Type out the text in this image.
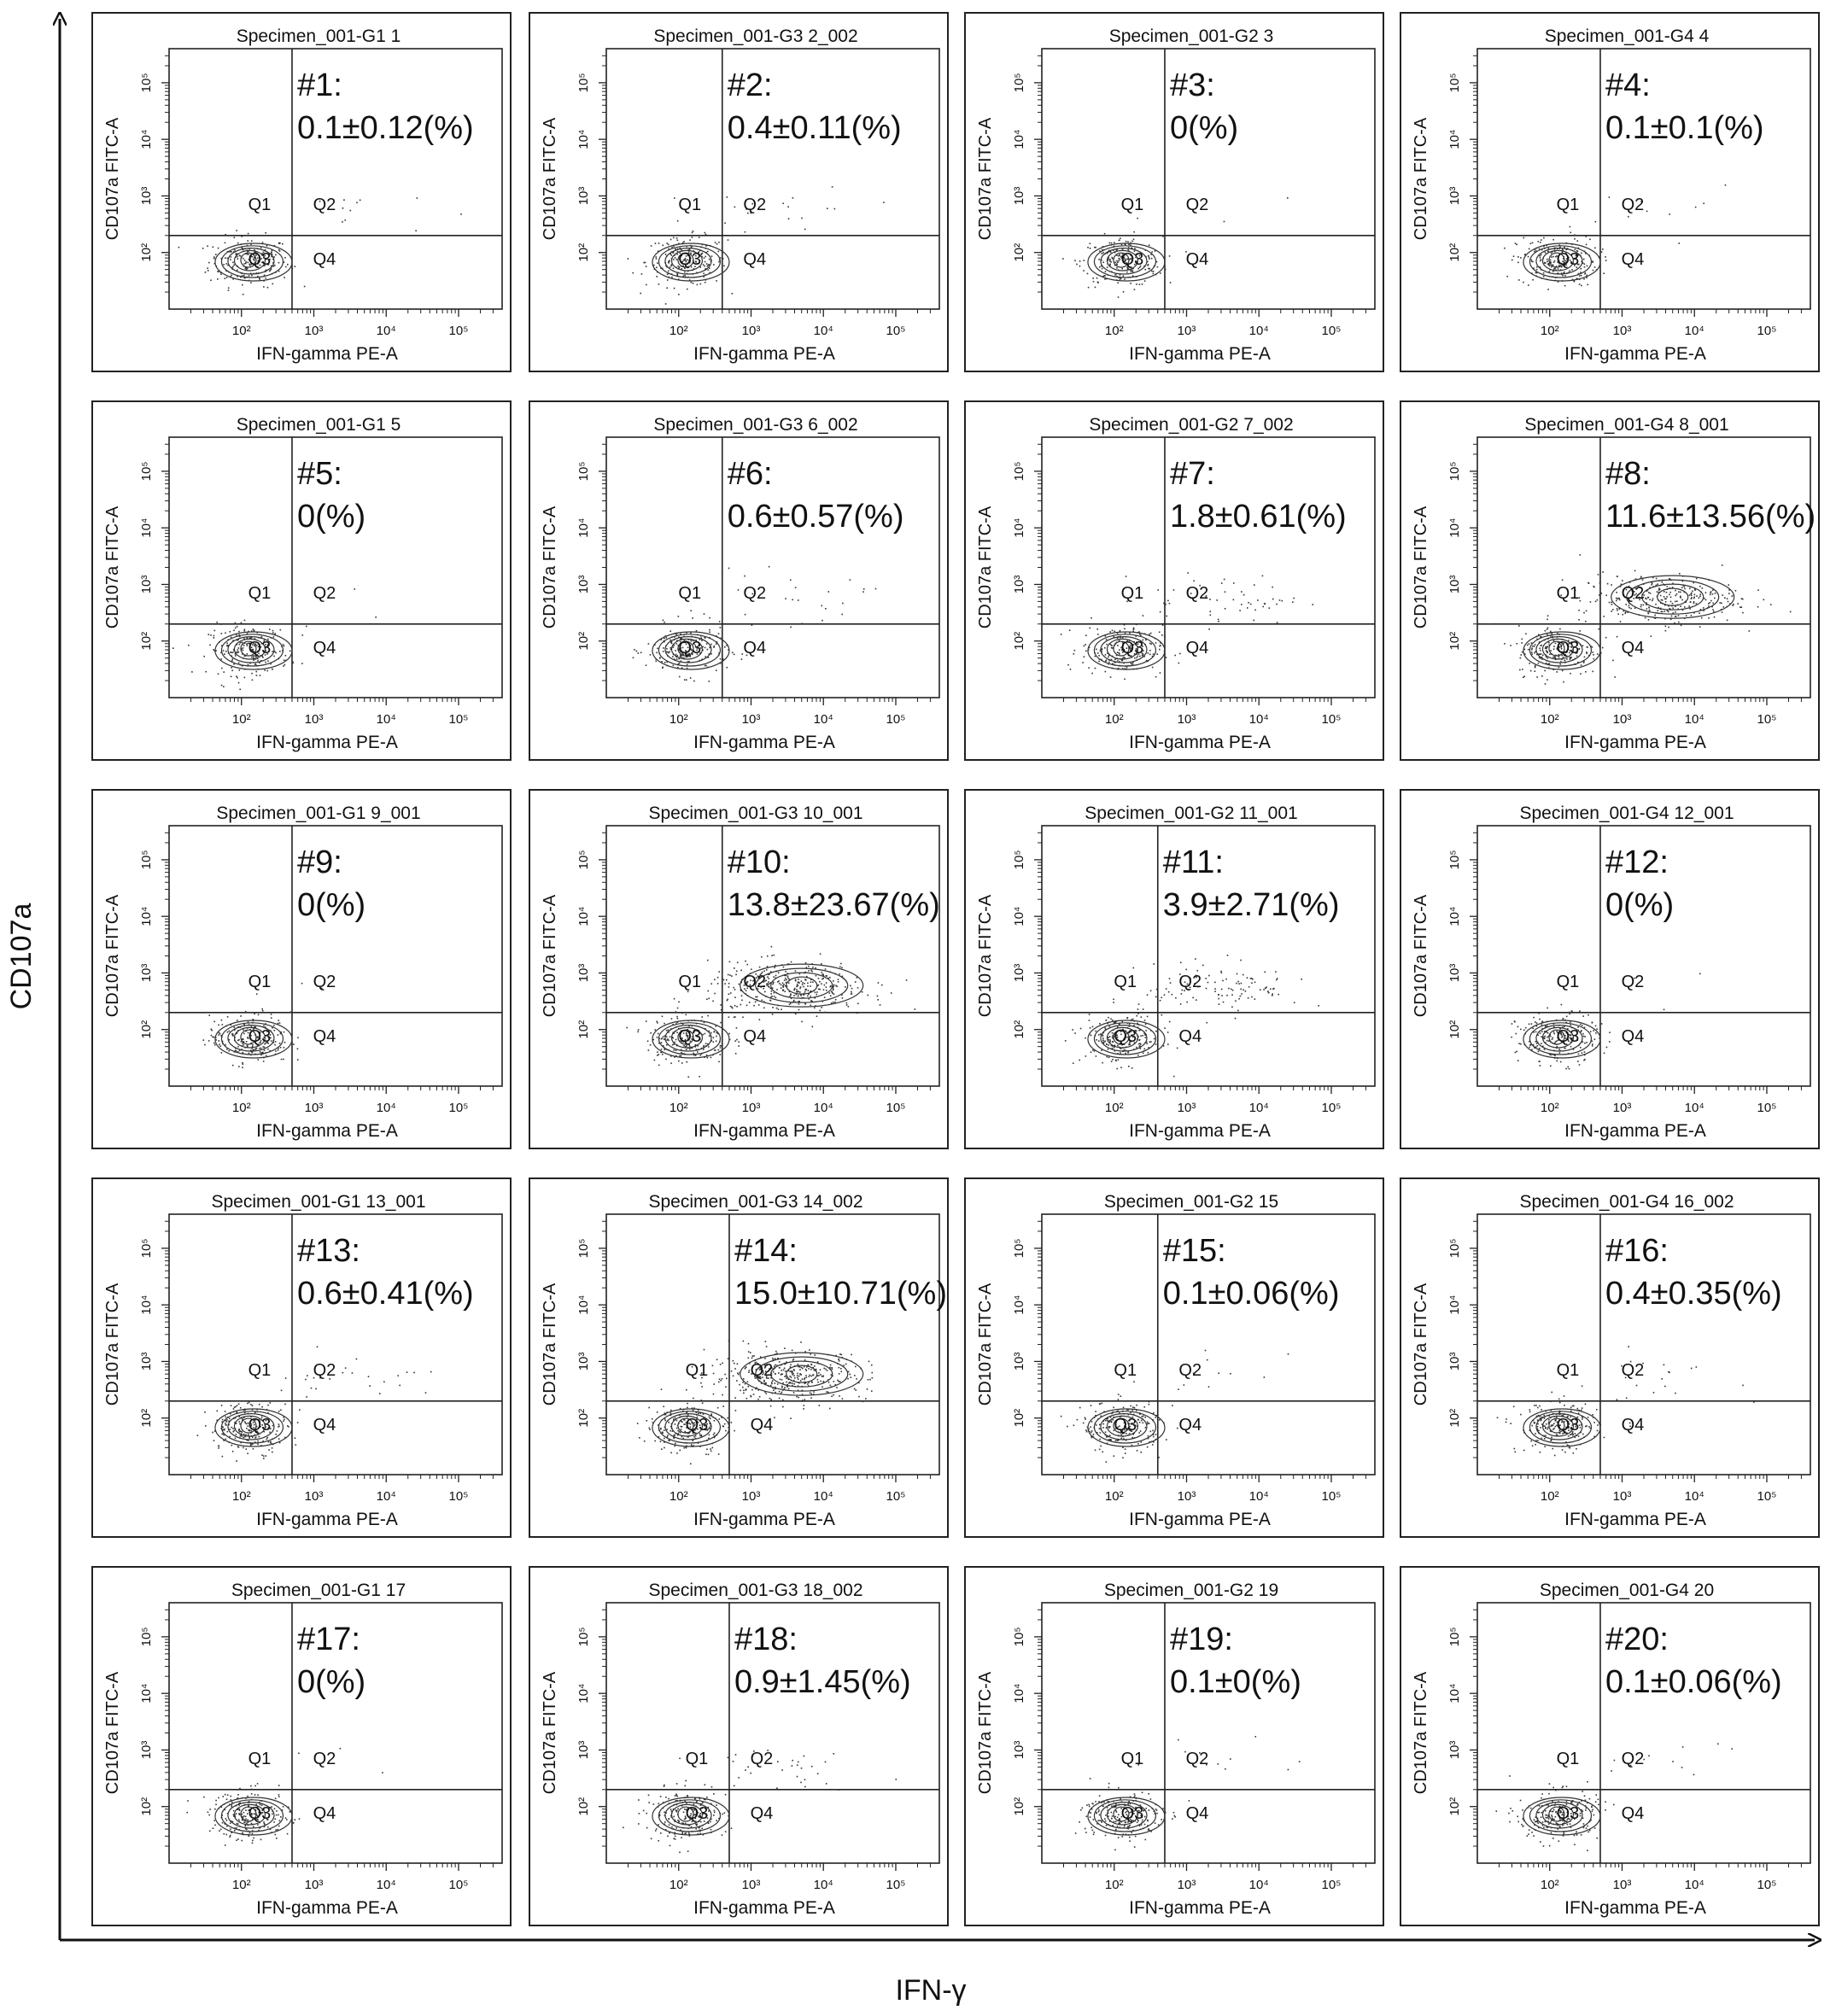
CD107a
IFN-γ
Specimen_001-G1 1
10²
10²
10³
10³
10⁴
10⁴
10⁵
10⁵
IFN-gamma PE-A
CD107a FITC-A	Q1 Q2
Q3 Q4
#1:
0.1±0.12(%)
Specimen_001-G3 2_002
10²
10²
10³
10³
10⁴
10⁴
10⁵
10⁵
IFN-gamma PE-A
CD107a FITC-A	Q1 Q2
Q3 Q4
#2:
0.4±0.11(%)
Specimen_001-G2 3
10²
10²
10³
10³
10⁴
10⁴
10⁵
10⁵
IFN-gamma PE-A
CD107a FITC-A	Q1 Q2
Q3 Q4
#3:
0(%)
Specimen_001-G4 4
10²
10²
10³
10³
10⁴
10⁴
10⁵
10⁵
IFN-gamma PE-A
CD107a FITC-A	Q1 Q2
Q3 Q4
#4:
0.1±0.1(%)
Specimen_001-G1 5
10²
10²
10³
10³
10⁴
10⁴
10⁵
10⁵
IFN-gamma PE-A
CD107a FITC-A	Q1 Q2
Q3 Q4
#5:
0(%)
Specimen_001-G3 6_002
10²
10²
10³
10³
10⁴
10⁴
10⁵
10⁵
IFN-gamma PE-A
CD107a FITC-A	Q1 Q2
Q3 Q4
#6:
0.6±0.57(%)
Specimen_001-G2 7_002
10²
10²
10³
10³
10⁴
10⁴
10⁵
10⁵
IFN-gamma PE-A
CD107a FITC-A	Q1 Q2
Q3 Q4
#7:
1.8±0.61(%)
Specimen_001-G4 8_001
10²
10²
10³
10³
10⁴
10⁴
10⁵
10⁵
IFN-gamma PE-A
CD107a FITC-A	Q1 Q2
Q3 Q4
#8:
11.6±13.56(%)
Specimen_001-G1 9_001
10²
10²
10³
10³
10⁴
10⁴
10⁵
10⁵
IFN-gamma PE-A
CD107a FITC-A	Q1 Q2
Q3 Q4
#9:
0(%)
Specimen_001-G3 10_001
10²
10²
10³
10³
10⁴
10⁴
10⁵
10⁵
IFN-gamma PE-A
CD107a FITC-A	Q1 Q2
Q3 Q4
#10:
13.8±23.67(%)
Specimen_001-G2 11_001
10²
10²
10³
10³
10⁴
10⁴
10⁵
10⁵
IFN-gamma PE-A
CD107a FITC-A	Q1 Q2
Q3 Q4
#11:
3.9±2.71(%)
Specimen_001-G4 12_001
10²
10²
10³
10³
10⁴
10⁴
10⁵
10⁵
IFN-gamma PE-A
CD107a FITC-A	Q1 Q2
Q3 Q4
#12:
0(%)
Specimen_001-G1 13_001
10²
10²
10³
10³
10⁴
10⁴
10⁵
10⁵
IFN-gamma PE-A
CD107a FITC-A	Q1 Q2
Q3 Q4
#13:
0.6±0.41(%)
Specimen_001-G3 14_002
10²
10²
10³
10³
10⁴
10⁴
10⁵
10⁵
IFN-gamma PE-A
CD107a FITC-A	Q1 Q2
Q3 Q4
#14:
15.0±10.71(%)
Specimen_001-G2 15
10²
10²
10³
10³
10⁴
10⁴
10⁵
10⁵
IFN-gamma PE-A
CD107a FITC-A	Q1 Q2
Q3 Q4
#15:
0.1±0.06(%)
Specimen_001-G4 16_002
10²
10²
10³
10³
10⁴
10⁴
10⁵
10⁵
IFN-gamma PE-A
CD107a FITC-A	Q1 Q2
Q3 Q4
#16:
0.4±0.35(%)
Specimen_001-G1 17
10²
10²
10³
10³
10⁴
10⁴
10⁵
10⁵
IFN-gamma PE-A
CD107a FITC-A	Q1 Q2
Q3 Q4
#17:
0(%)
Specimen_001-G3 18_002
10²
10²
10³
10³
10⁴
10⁴
10⁵
10⁵
IFN-gamma PE-A
CD107a FITC-A	Q1 Q2
Q3 Q4
#18:
0.9±1.45(%)
Specimen_001-G2 19
10²
10²
10³
10³
10⁴
10⁴
10⁵
10⁵
IFN-gamma PE-A
CD107a FITC-A	Q1 Q2
Q3 Q4
#19:
0.1±0(%)
Specimen_001-G4 20
10²
10²
10³
10³
10⁴
10⁴
10⁵
10⁵
IFN-gamma PE-A
CD107a FITC-A	Q1 Q2
Q3 Q4
#20:
0.1±0.06(%)
